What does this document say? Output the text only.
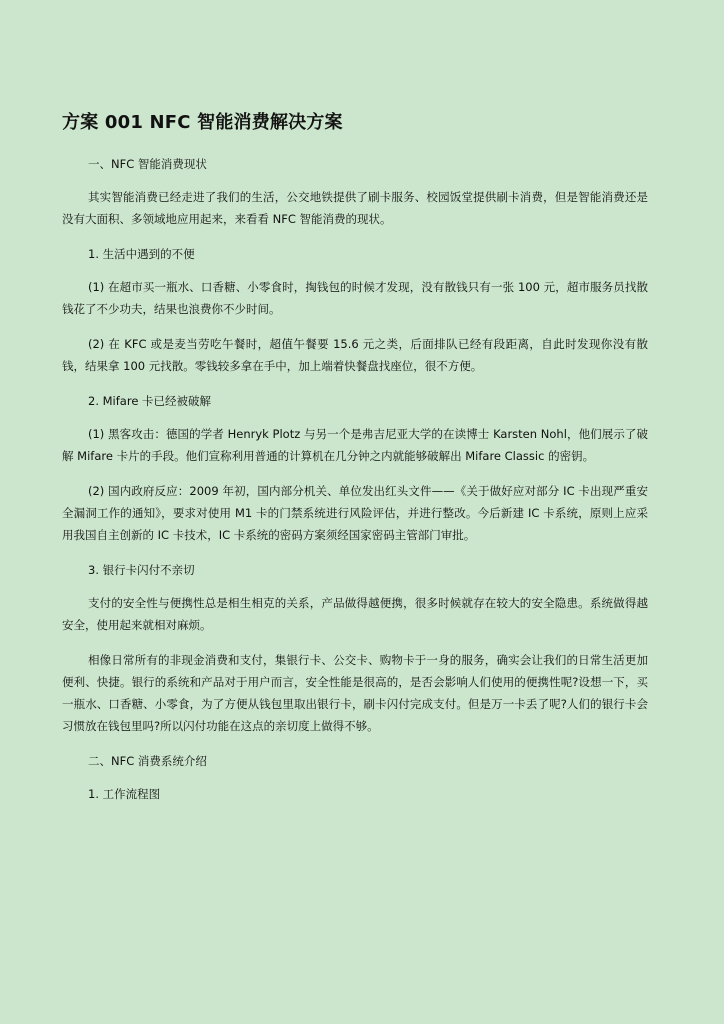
方案 001 NFC 智能消费解决方案

一、NFC 智能消费现状

其实智能消费已经走进了我们的生活，公交地铁提供了刷卡服务、校园饭堂提供刷卡消费，但是智能消费还是没有大面积、多领域地应用起来，来看看 NFC 智能消费的现状。

1. 生活中遇到的不便

(1) 在超市买一瓶水、口香糖、小零食时，掏钱包的时候才发现，没有散钱只有一张 100 元，超市服务员找散钱花了不少功夫，结果也浪费你不少时间。

(2) 在 KFC 或是麦当劳吃午餐时，超值午餐要 15.6 元之类，后面排队已经有段距离，自此时发现你没有散钱，结果拿 100 元找散。零钱较多拿在手中，加上端着快餐盘找座位，很不方便。

2. Mifare 卡已经被破解

(1) 黑客攻击：德国的学者 Henryk Plotz 与另一个是弗吉尼亚大学的在读博士 Karsten Nohl，他们展示了破解 Mifare 卡片的手段。他们宣称利用普通的计算机在几分钟之内就能够破解出 Mifare Classic 的密钥。

(2) 国内政府反应：2009 年初，国内部分机关、单位发出红头文件——《关于做好应对部分 IC 卡出现严重安全漏洞工作的通知》，要求对使用 M1 卡的门禁系统进行风险评估，并进行整改。今后新建 IC 卡系统，原则上应采用我国自主创新的 IC 卡技术，IC 卡系统的密码方案须经国家密码主管部门审批。

3. 银行卡闪付不亲切

支付的安全性与便携性总是相生相克的关系，产品做得越便携，很多时候就存在较大的安全隐患。系统做得越安全，使用起来就相对麻烦。

相像日常所有的非现金消费和支付，集银行卡、公交卡、购物卡于一身的服务，确实会让我们的日常生活更加便利、快捷。银行的系统和产品对于用户而言，安全性能是很高的，是否会影响人们使用的便携性呢?设想一下，买一瓶水、口香糖、小零食，为了方便从钱包里取出银行卡，刷卡闪付完成支付。但是万一卡丢了呢?人们的银行卡会习惯放在钱包里吗?所以闪付功能在这点的亲切度上做得不够。

二、NFC 消费系统介绍

1. 工作流程图
